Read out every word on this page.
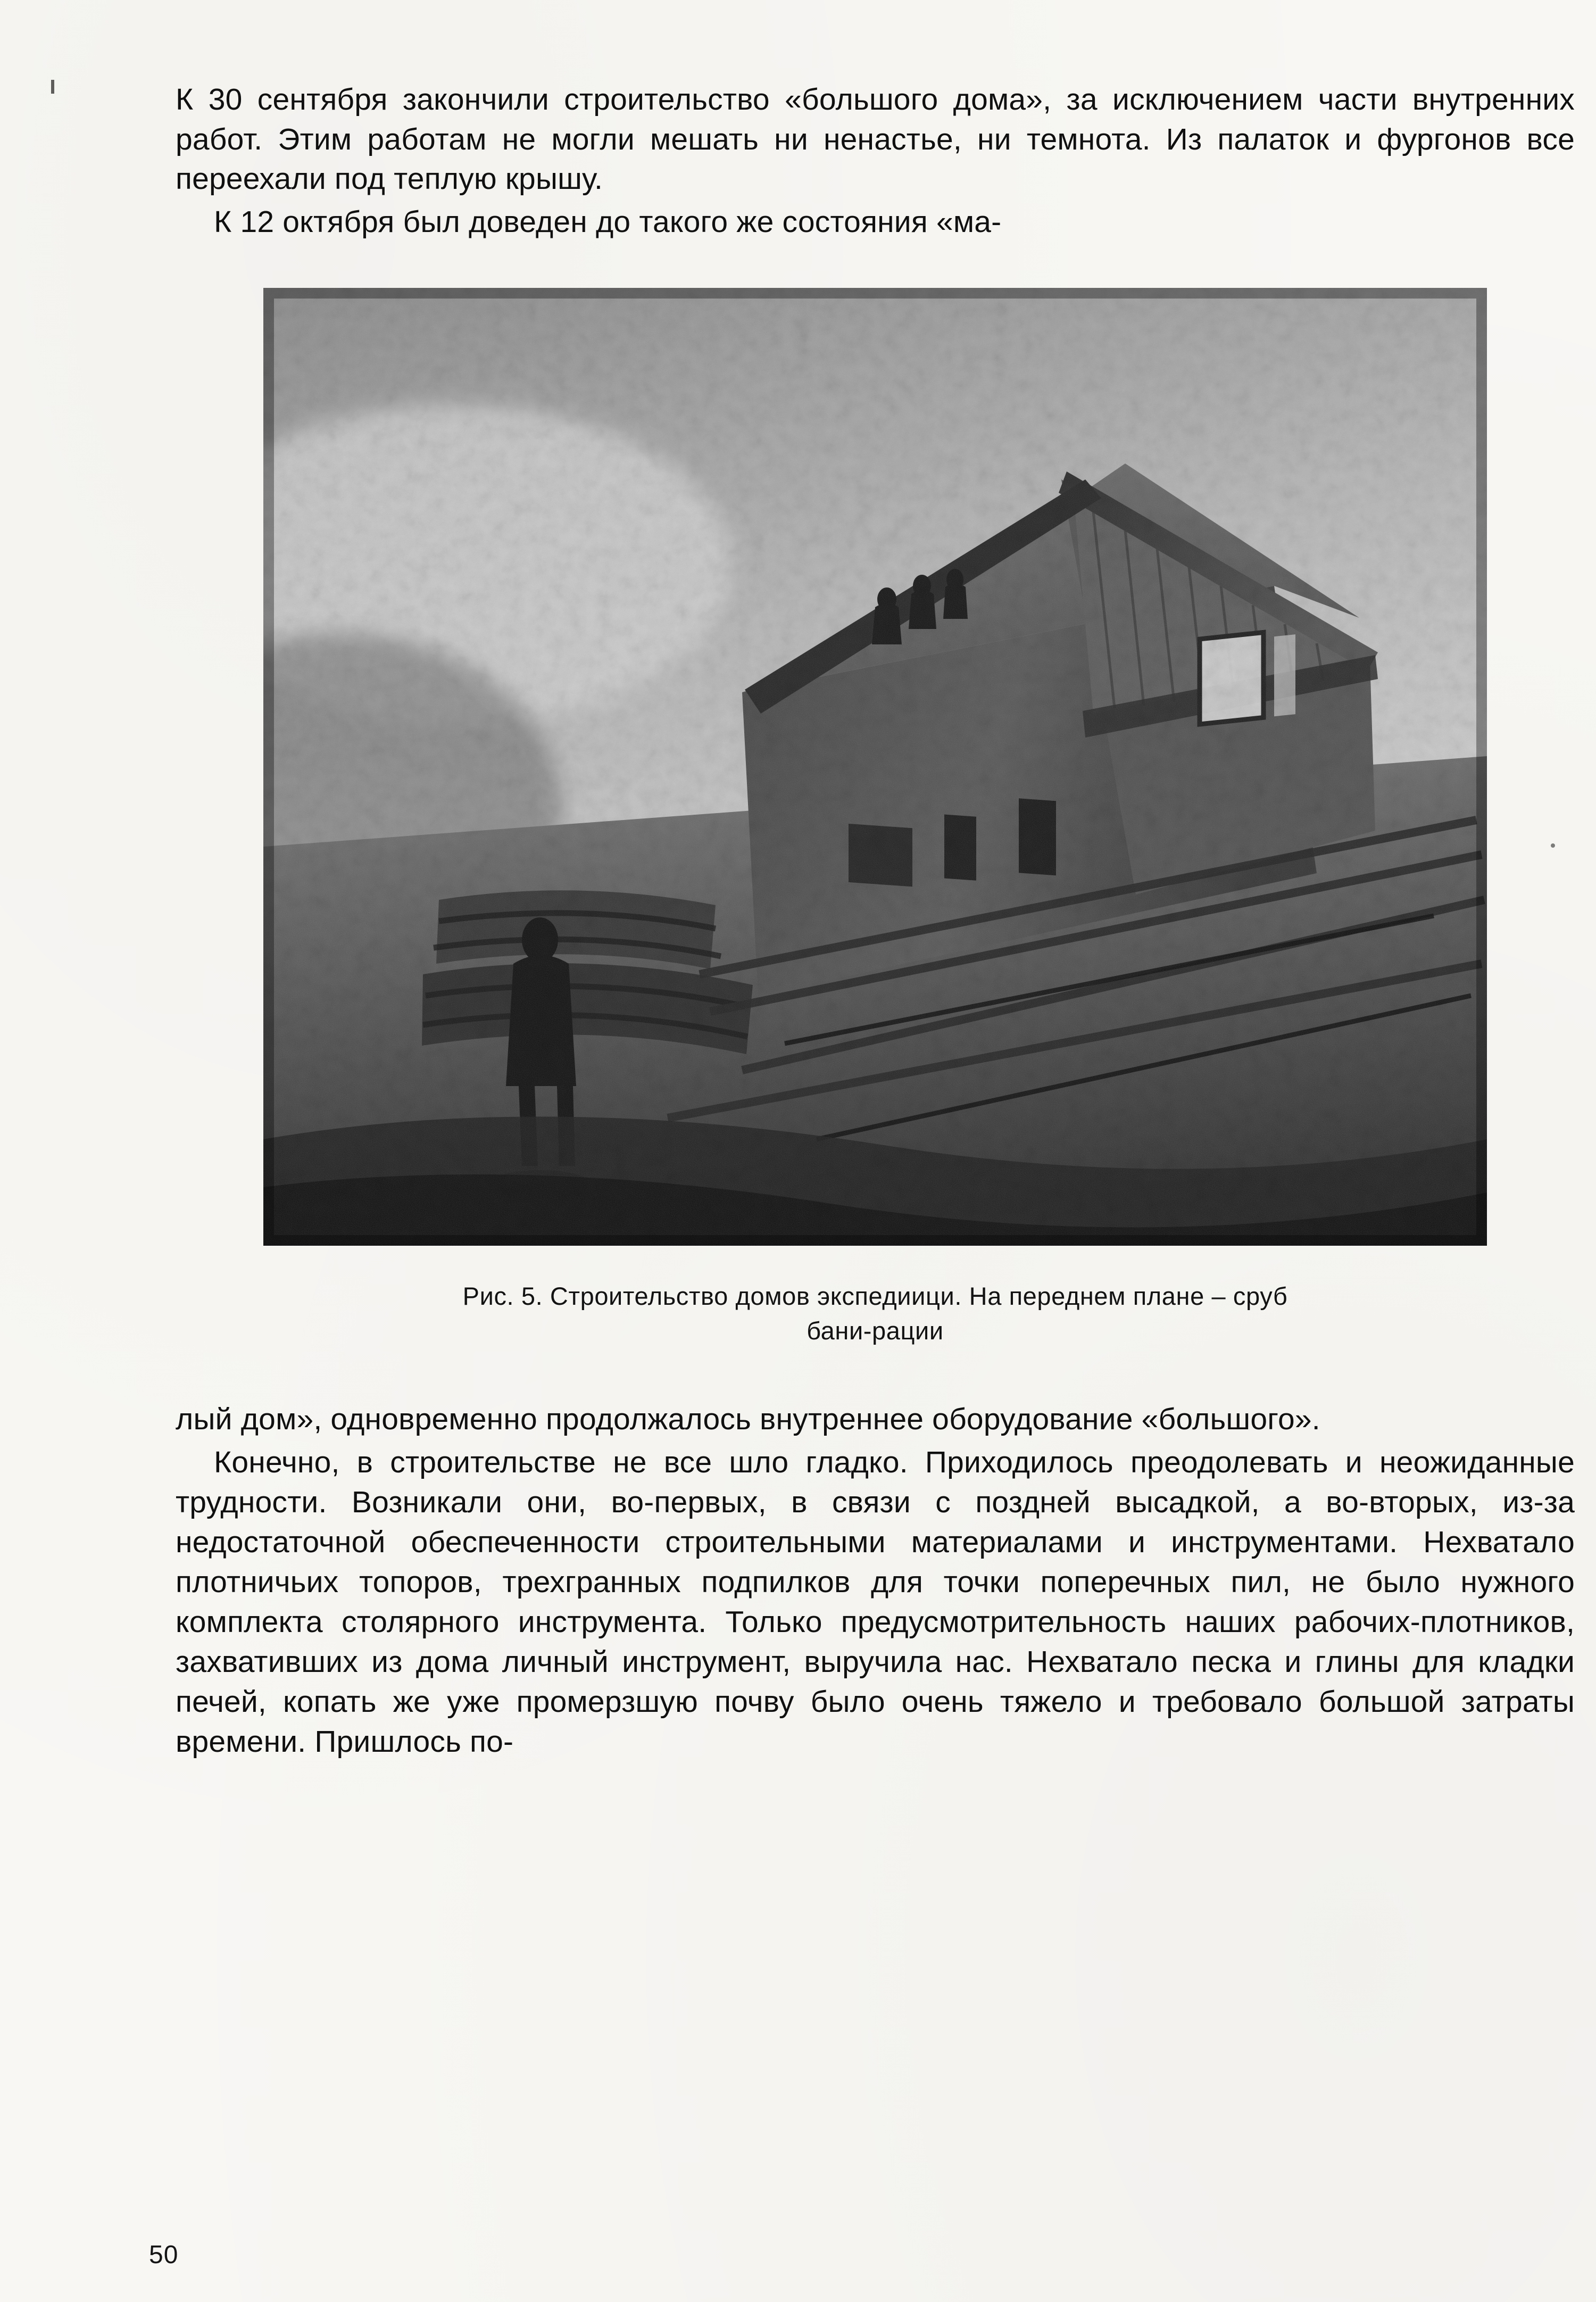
К 30 сентября закончили строительство «большого дома», за исключением части внутренних работ. Этим работам не могли мешать ни ненастье, ни темнота. Из палаток и фургонов все переехали под теплую крышу.

К 12 октября был доведен до такого же состояния «ма-

Рис. 5. Строительство домов экспедиици. На переднем плане – сруб
бани-рации

лый дом», одновременно продолжалось внутреннее оборудование «большого».

Конечно, в строительстве не все шло гладко. Приходилось преодолевать и неожиданные трудности. Возникали они, во-первых, в связи с поздней высадкой, а во-вторых, из-за недостаточной обеспеченности строительными материалами и инструментами. Нехватало плотничьих топоров, трехгранных подпилков для точки поперечных пил, не было нужного комплекта столярного инструмента. Только предусмотрительность наших рабочих-плотников, захвативших из дома личный инструмент, выручила нас. Нехватало песка и глины для кладки печей, копать же уже промерзшую почву было очень тяжело и требовало большой затраты времени. Пришлось по-

50
